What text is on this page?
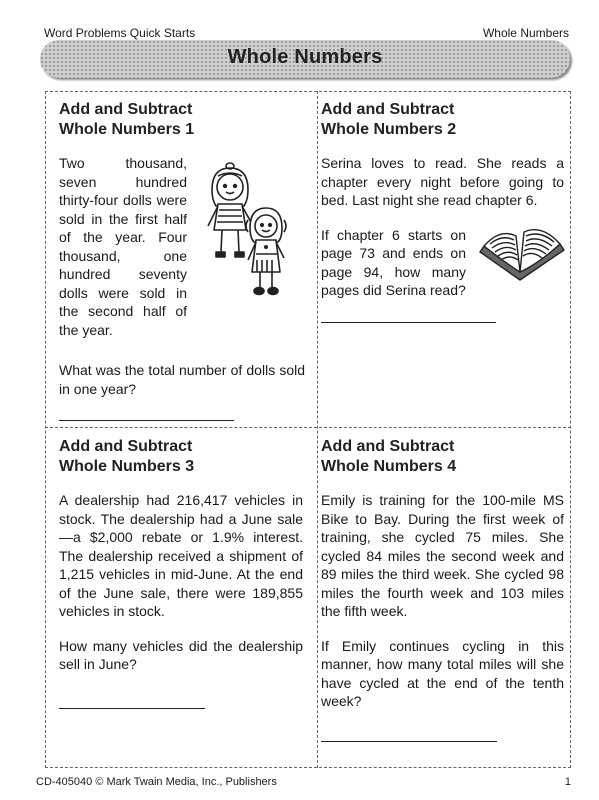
Word Problems Quick Starts	Whole Numbers
Whole Numbers
Add and Subtract
Whole Numbers 1

Two thousand, seven hundred thirty-four dolls were sold in the first half of the year. Four thousand, one hundred seventy dolls were sold in the second half of the year.

What was the total number of dolls sold in one year?

Add and Subtract
Whole Numbers 2

Serina loves to read. She reads a chapter every night before going to bed. Last night she read chapter 6.

If chapter 6 starts on page 73 and ends on page 94, how many pages did Serina read?

Add and Subtract
Whole Numbers 3

A dealership had 216,417 vehicles in stock. The dealership had a June sale—a $2,000 rebate or 1.9% interest. The dealership received a shipment of 1,215 vehicles in mid-June. At the end of the June sale, there were 189,855 vehicles in stock.

How many vehicles did the dealership sell in June?

Add and Subtract
Whole Numbers 4

Emily is training for the 100-mile MS Bike to Bay. During the first week of training, she cycled 75 miles. She cycled 84 miles the second week and 89 miles the third week. She cycled 98 miles the fourth week and 103 miles the fifth week.

If Emily continues cycling in this manner, how many total miles will she have cycled at the end of the tenth week?

CD-405040 © Mark Twain Media, Inc., Publishers	1
